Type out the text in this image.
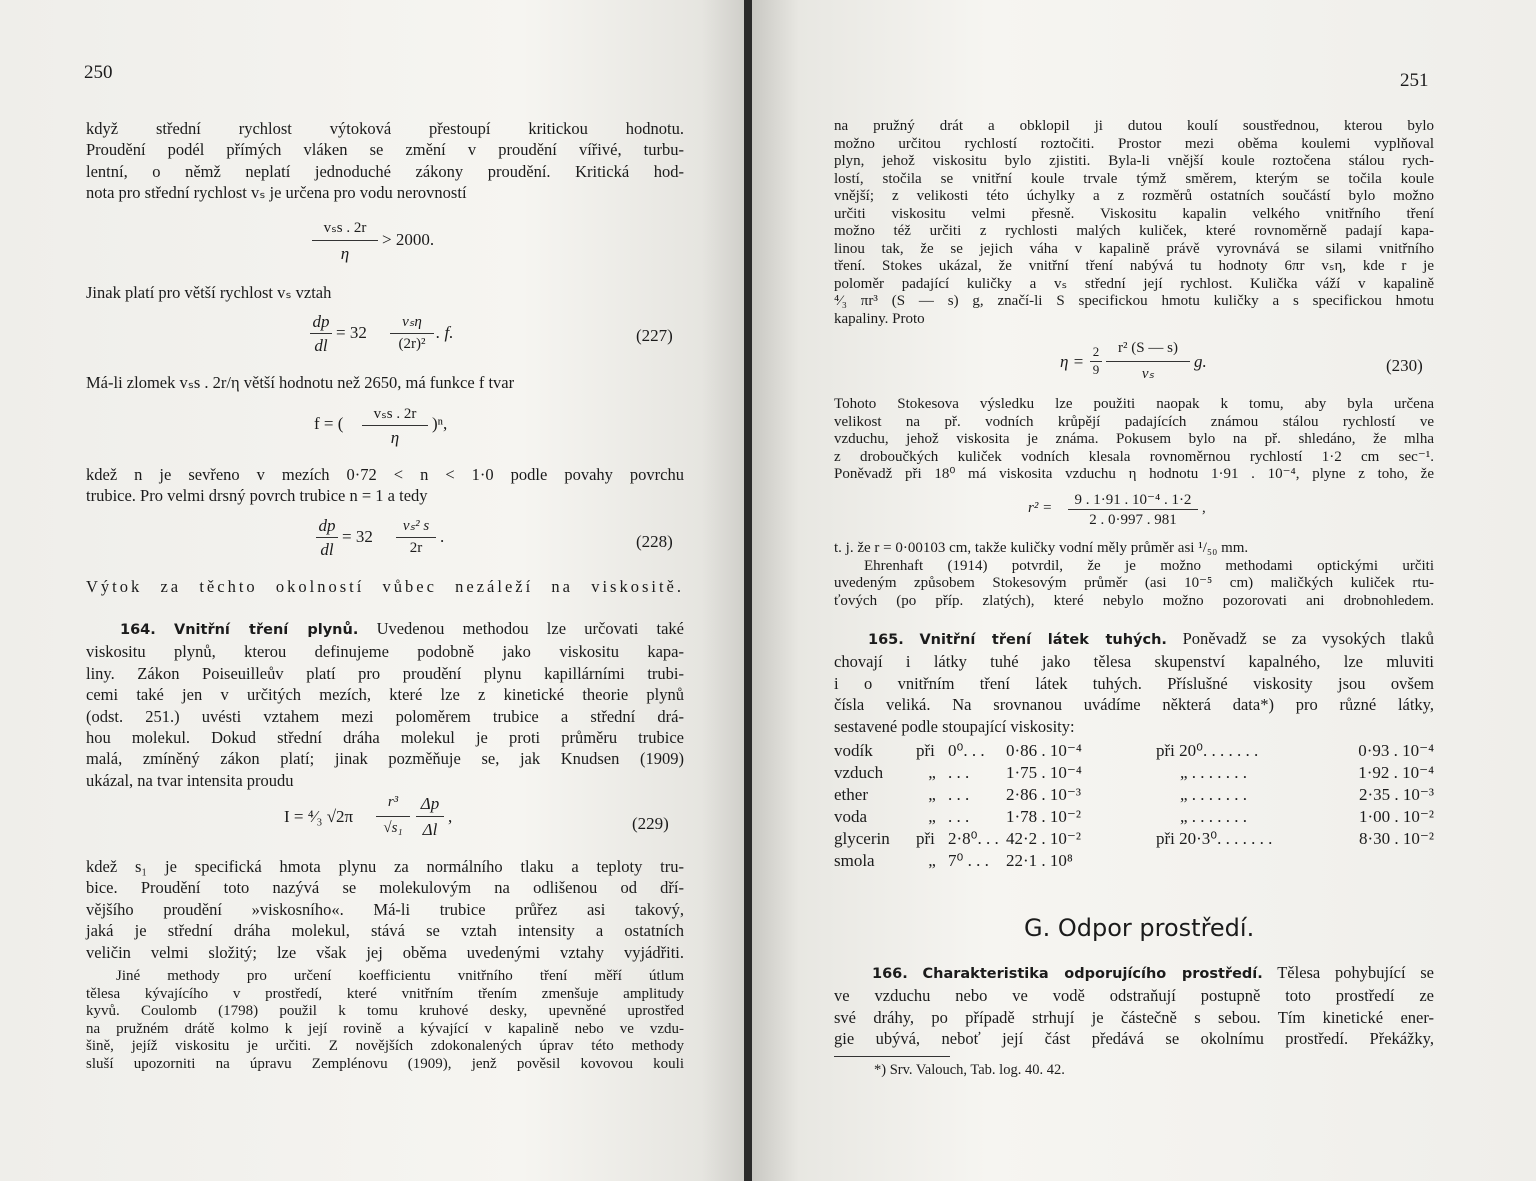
250
když střední rychlost výtoková přestoupí kritickou hodnotu.
Proudění podél přímých vláken se změní v proudění vířivé, turbu-
lentní, o němž neplatí jednoduché zákony proudění. Kritická hod-
nota pro střední rychlost vₛ je určena pro vodu nerovností
vₛs . 2r
η
> 2000.
Jinak platí pro větší rychlost vₛ vztah
dp
dl
= 32
vₛη
(2r)²
. f.	(227)
Má-li zlomek vₛs . 2r/η větší hodnotu než 2650, má funkce f tvar
f = (	vₛs . 2r
η
)ⁿ,
kdež n je sevřeno v mezích 0·72 < n < 1·0 podle povahy povrchu
trubice. Pro velmi drsný povrch trubice n = 1 a tedy
dp
dl
= 32
vₛ² s
2r
.	(228)
Výtok za těchto okolností vůbec nezáleží na viskositě.
164. Vnitřní tření plynů. Uvedenou methodou lze určovati také
viskositu plynů, kterou definujeme podobně jako viskositu kapa-
liny. Zákon Poiseuilleův platí pro proudění plynu kapillárními trubi-
cemi také jen v určitých mezích, které lze z kinetické theorie plynů
(odst. 251.) uvésti vztahem mezi poloměrem trubice a střední drá-
hou molekul. Dokud střední dráha molekul je proti průměru trubice
malá, zmíněný zákon platí; jinak pozměňuje se, jak Knudsen (1909)
ukázal, na tvar intensita proudu
I = ⁴⁄₃ √2π
r³
√s₁
Δp
Δl
,	(229)
kdež s₁ je specifická hmota plynu za normálního tlaku a teploty tru-
bice. Proudění toto nazývá se molekulovým na odlišenou od dří-
vějšího proudění »viskosního«. Má-li trubice průřez asi takový,
jaká je střední dráha molekul, stává se vztah intensity a ostatních
veličin velmi složitý; lze však jej oběma uvedenými vztahy vyjádřiti.
Jiné methody pro určení koefficientu vnitřního tření měří útlum
tělesa kývajícího v prostředí, které vnitřním třením zmenšuje amplitudy
kyvů. Coulomb (1798) použil k tomu kruhové desky, upevněné uprostřed
na pružném drátě kolmo k její rovině a kývající v kapalině nebo ve vzdu-
šině, jejíž viskositu je určiti. Z novějších zdokonalených úprav této methody
sluší upozorniti na úpravu Zemplénovu (1909), jenž pověsil kovovou kouli
251
na pružný drát a obklopil ji dutou koulí soustřednou, kterou bylo
možno určitou rychlostí roztočiti. Prostor mezi oběma koulemi vyplňoval
plyn, jehož viskositu bylo zjistiti. Byla-li vnější koule roztočena stálou rych-
lostí, stočila se vnitřní koule trvale týmž směrem, kterým se točila koule
vnější; z velikosti této úchylky a z rozměrů ostatních součástí bylo možno
určiti viskositu velmi přesně. Viskositu kapalin velkého vnitřního tření
možno též určiti z rychlosti malých kuliček, které rovnoměrně padají kapa-
linou tak, že se jejich váha v kapalině právě vyrovnává se silami vnitřního
tření. Stokes ukázal, že vnitřní tření nabývá tu hodnoty 6πr vₛη, kde r je
poloměr padající kuličky a vₛ střední její rychlost. Kulička váží v kapalině
⁴⁄₃ πr³ (S — s) g, značí-li S specifickou hmotu kuličky a s specifickou hmotu
kapaliny. Proto
η =
2
9
r² (S — s)
vₛ
g.	(230)
Tohoto Stokesova výsledku lze použiti naopak k tomu, aby byla určena
velikost na př. vodních krůpějí padajících známou stálou rychlostí ve
vzduchu, jehož viskosita je známa. Pokusem bylo na př. shledáno, že mlha
z droboučkých kuliček vodních klesala rovnoměrnou rychlostí 1·2 cm sec⁻¹.
Poněvadž při 18⁰ má viskosita vzduchu η hodnotu 1·91 . 10⁻⁴, plyne z toho, že
r² =	9 . 1·91 . 10⁻⁴ . 1·2
2 . 0·997 . 981
,
t. j. že r = 0·00103 cm, takže kuličky vodní měly průměr asi ¹/₅₀ mm.
Ehrenhaft (1914) potvrdil, že je možno methodami optickými určiti
uvedeným způsobem Stokesovým průměr (asi 10⁻⁵ cm) maličkých kuliček rtu-
ťových (po příp. zlatých), které nebylo možno pozorovati ani drobnohledem.
165. Vnitřní tření látek tuhých. Poněvadž se za vysokých tlaků
chovají i látky tuhé jako tělesa skupenství kapalného, lze mluviti
i o vnitřním tření látek tuhých. Příslušné viskosity jsou ovšem
čísla veliká. Na srovnanou uvádíme některá data*) pro různé látky,
sestavené podle stoupající viskosity:
vodík	při	0⁰. . .	0·86 . 10⁻⁴	při 20⁰. . . . . . .	0·93 . 10⁻⁴
vzduch	„	. . .	1·75 . 10⁻⁴	„ . . . . . . .	1·92 . 10⁻⁴
ether	„	. . .	2·86 . 10⁻³	„ . . . . . . .	2·35 . 10⁻³
voda	„	. . .	1·78 . 10⁻²	„ . . . . . . .	1·00 . 10⁻²
glycerin	při	2·8⁰. . .	42·2 . 10⁻²	při 20·3⁰. . . . . . .	8·30 . 10⁻²
smola	„	7⁰ . . .	22·1 . 10⁸		
G. Odpor prostředí.
166. Charakteristika odporujícího prostředí. Tělesa pohybující se
ve vzduchu nebo ve vodě odstraňují postupně toto prostředí ze
své dráhy, po případě strhují je částečně s sebou. Tím kinetické ener-
gie ubývá, neboť její část předává se okolnímu prostředí. Překážky,
*) Srv. Valouch, Tab. log. 40. 42.
